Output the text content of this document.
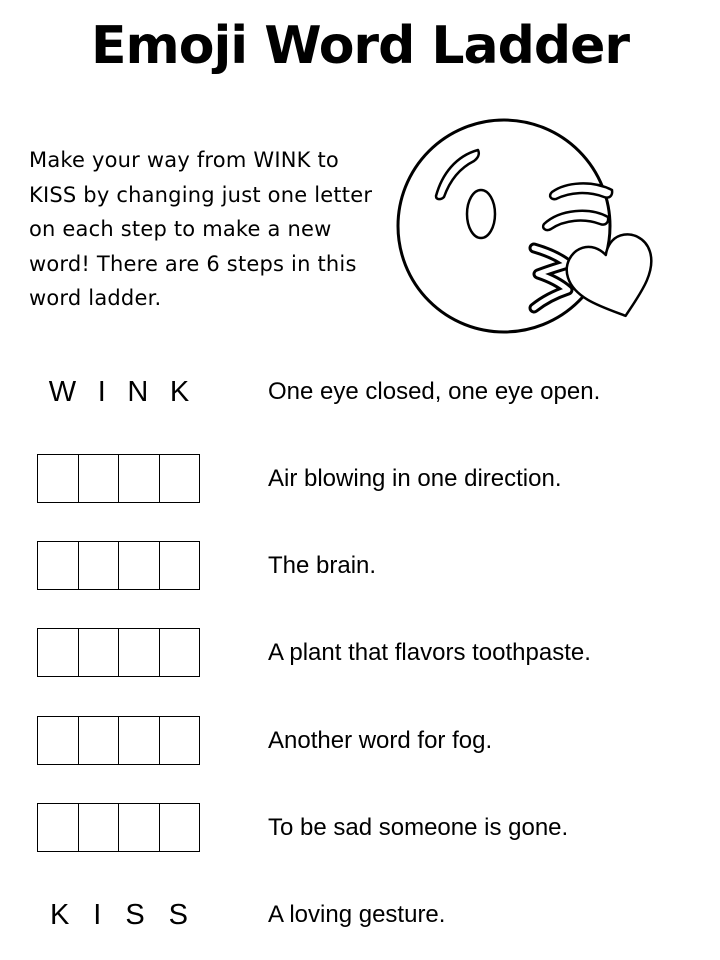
Emoji Word Ladder
Make your way from WINK to KISS by changing just one letter on each step to make a new word! There are 6 steps in this word ladder.
W I N K	One eye closed, one eye open.
Air blowing in one direction.
The brain.
A plant that flavors toothpaste.
Another word for fog.
To be sad someone is gone.
K I S S	A loving gesture.
